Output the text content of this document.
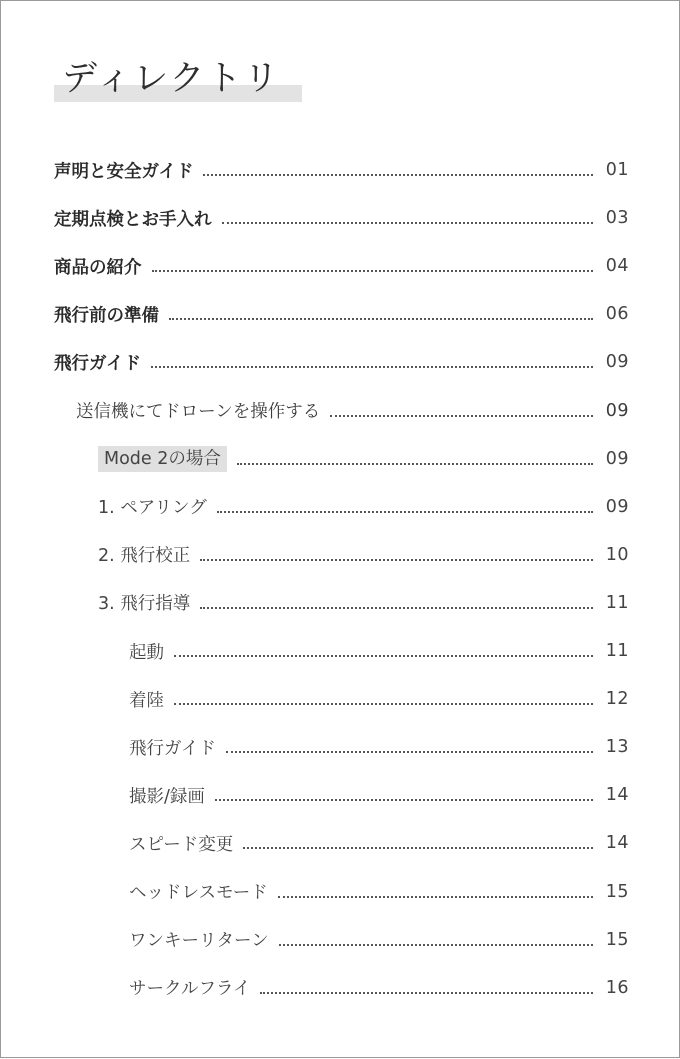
ディレクトリ
声明と安全ガイド	01
定期点検とお手入れ	03
商品の紹介	04
飛行前の準備	06
飛行ガイド	09
送信機にてドローンを操作する	09
Mode 2の場合	09
1. ペアリング	09
2. 飛行校正	10
3. 飛行指導	11
起動	11
着陸	12
飛行ガイド	13
撮影/録画	14
スピード変更	14
ヘッドレスモード	15
ワンキーリターン	15
サークルフライ	16
